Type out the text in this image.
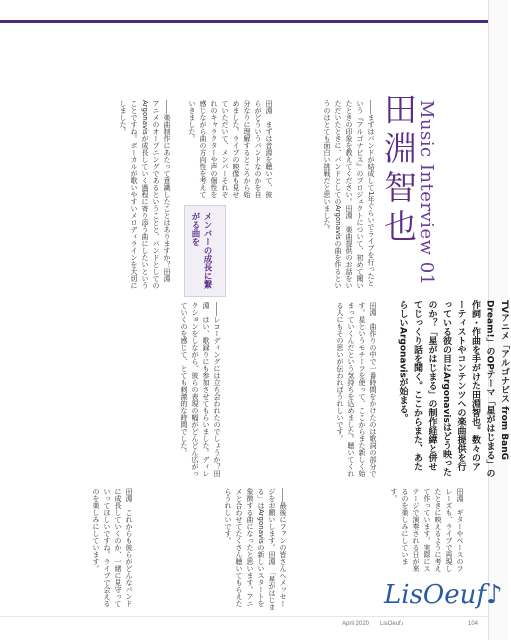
Music Interview 01
田淵智也
TVアニメ「アルゴナビス from BanG Dream!」のOPテーマ「星がはじまる」の作詞・作曲を手がけた田淵智也。数々のアーティストやコンテンツへの楽曲提供を行っている彼の目にArgonavisはどう映ったのか？「星がはじまる」の制作経緯と併せてじっくり話を聞く。ここからまた、あたらしいArgonavisが始まる。
――まずはバンドが結成して1年ぐらいでライブを行ったという『アルゴナビス』のプロジェクトについて、初めて聞いたときの印象を教えてください。田淵　楽曲提供のお話をいただいたときに、バンドとしてのArgonavisの曲を作るというのはとても面白い挑戦だと思いました。
田淵　まずは音源を聴いて、彼らがどういうバンドなのかを自分なりに理解するところから始めました。ライブの映像も見せていただいて、メンバーそれぞれのキャラクターや声の個性を感じながら曲の方向性を考えていきました。
――楽曲制作にあたって意識したことはありますか？田淵　アニメのオープニングであるということと、バンドとしてのArgonavisが成長していく過程に寄り添う曲にしたいということですね。ボーカルが歌いやすいメロディラインを大切にしました。
メンバーの成長に繋がる曲を
田淵　曲作りの中で一番時間をかけたのは歌詞の部分です。星というモチーフを使って、ここからまた新しく始まっていくんだという気持ちを込めました。聴いてくれる人にもその思いが伝わればうれしいです。
――レコーディングには立ち会われたのでしょうか？田淵　はい、歌録りにも参加させてもらいました。ディレクションをしながら、彼らの表現の幅がどんどん広がっていくのを感じて、とても刺激的な時間でした。
田淵　ギターやベースのフレーズも、ライブで再現したときに映えるように考えて作っています。実際にステージで演奏される日が来るのを楽しみにしています。
――最後にファンの皆さんへメッセージをお願いします。田淵　「星がはじまる」はArgonavisの新しいスタートを象徴する曲になったと思います。アニメと合わせてたくさん聴いてもらえたらうれしいです。
田淵　これからも彼らがどんなバンドに成長していくのか、一緒に見守っていってほしいですね。ライブで会えるのを楽しみにしています。
LisOeuf♪
April 2020 LisOeuf♪	104
